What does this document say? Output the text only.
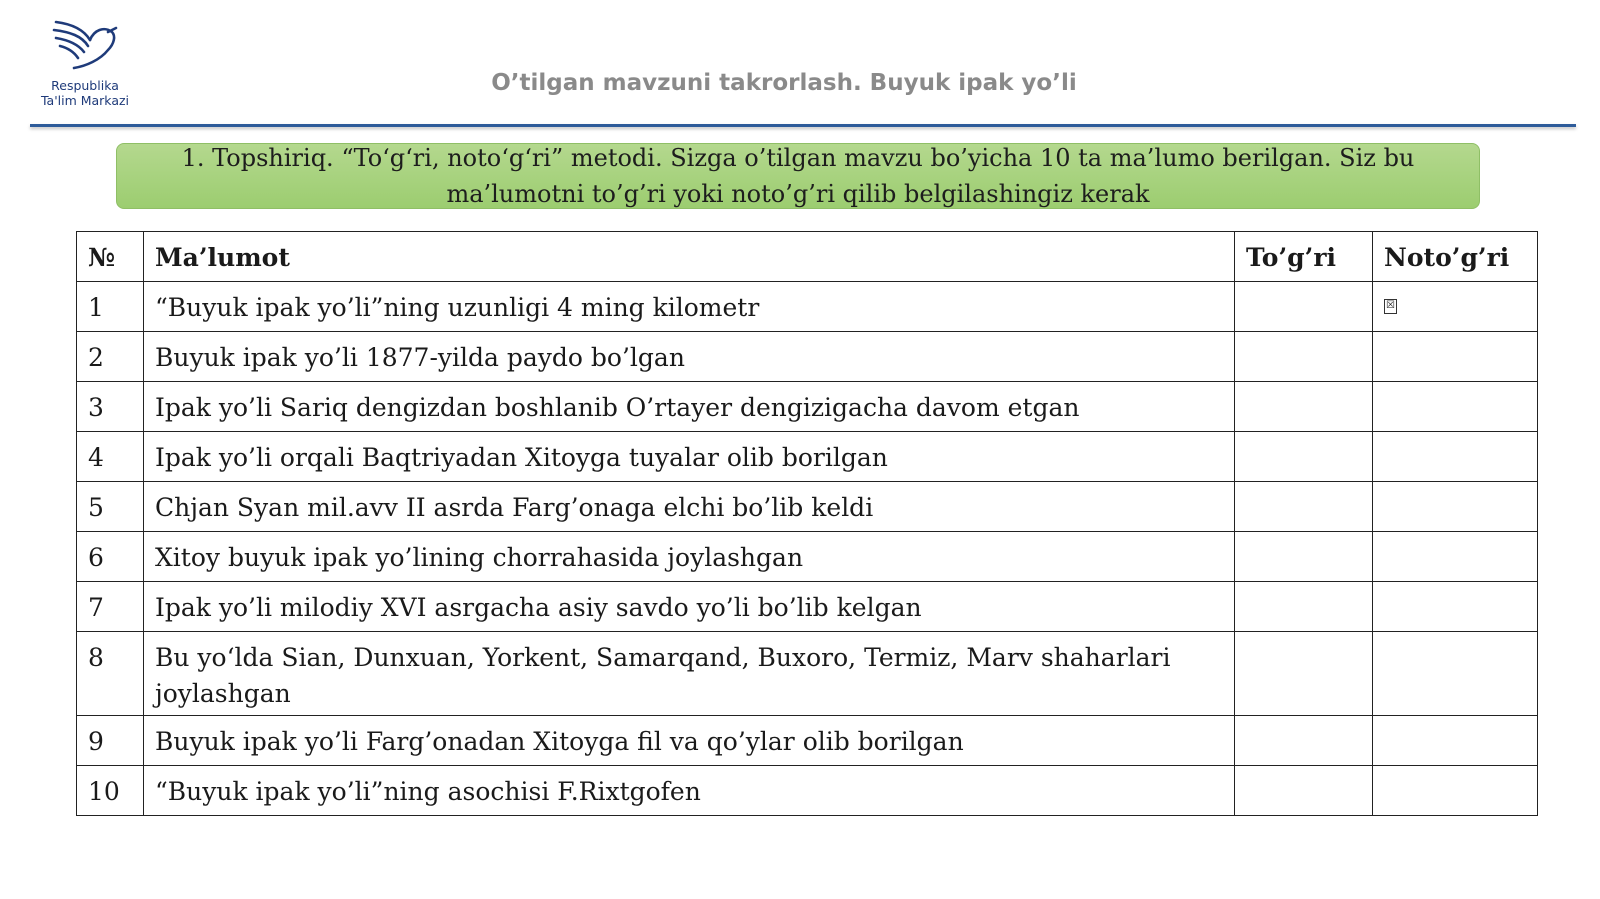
Respublika
Ta'lim Markazi
O’tilgan mavzuni takrorlash. Buyuk ipak yo’li
1. Topshiriq. “To‘g‘ri, noto‘g‘ri” metodi. Sizga o’tilgan mavzu bo’yicha 10 ta ma’lumo berilgan. Siz bu ma’lumotni to’g’ri yoki noto’g’ri qilib belgilashingiz kerak
№	Ma’lumot	To’g’ri	Noto’g’ri
1	“Buyuk ipak yo’li”ning uzunligi 4 ming kilometr		☒
2	Buyuk ipak yo’li 1877-yilda paydo bo’lgan		
3	Ipak yo’li Sariq dengizdan boshlanib O’rtayer dengizigacha davom etgan		
4	Ipak yo’li orqali Baqtriyadan Xitoyga tuyalar olib borilgan		
5	Chjan Syan mil.avv II asrda Farg’onaga elchi bo’lib keldi		
6	Xitoy buyuk ipak yo’lining chorrahasida joylashgan		
7	Ipak yo’li milodiy XVI asrgacha asiy savdo yo’li bo’lib kelgan		
8	Bu yo‘lda Sian, Dunxuan, Yorkent, Samarqand, Buxoro, Termiz, Marv shaharlari joylashgan		
9	Buyuk ipak yo’li Farg’onadan Xitoyga fil va qo’ylar olib borilgan		
10	“Buyuk ipak yo’li”ning asochisi F.Rixtgofen		
